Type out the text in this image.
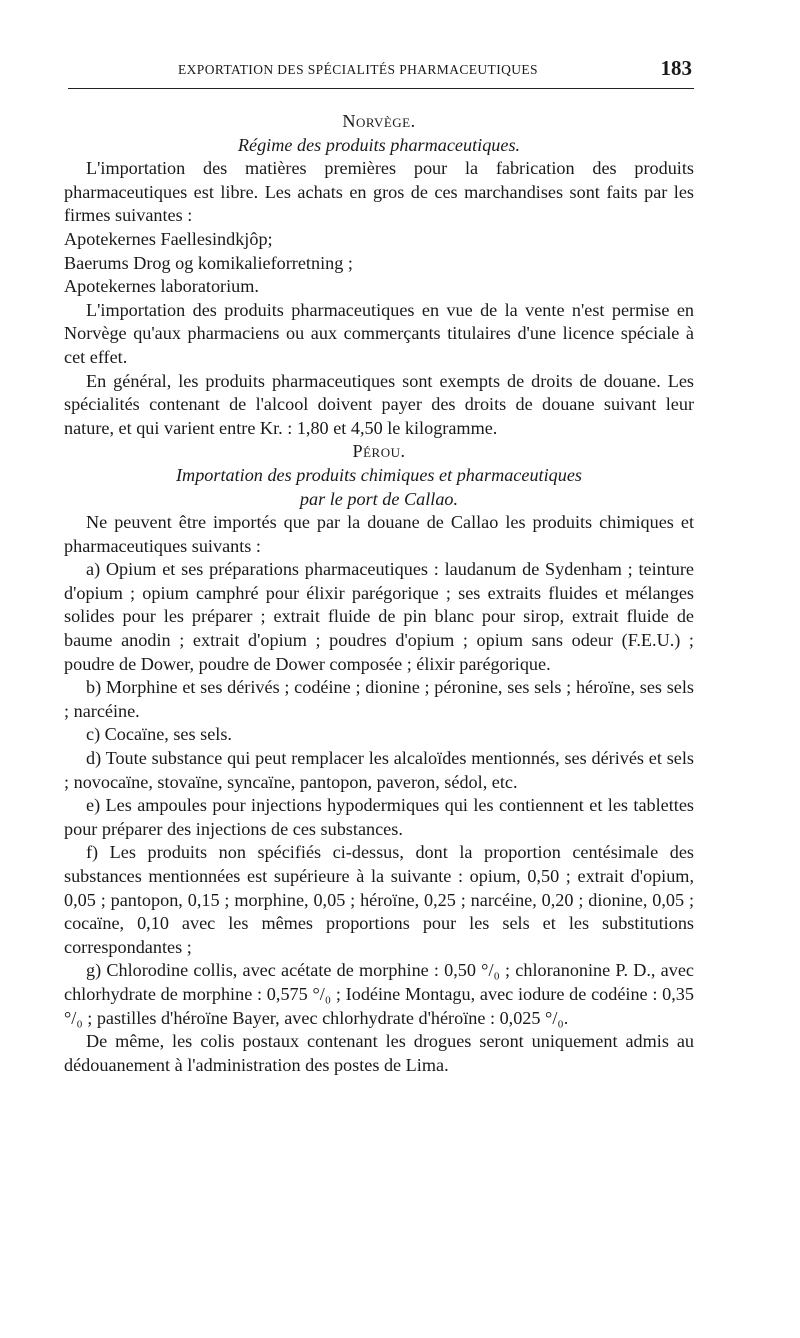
EXPORTATION DES SPÉCIALITÉS PHARMACEUTIQUES	183

Norvège.

Régime des produits pharmaceutiques.

L'importation des matières premières pour la fabrication des produits pharmaceutiques est libre. Les achats en gros de ces marchandises sont faits par les firmes suivantes :

Apotekernes Faellesindkjôp;

Baerums Drog og komikalieforretning ;

Apotekernes laboratorium.

L'importation des produits pharmaceutiques en vue de la vente n'est permise en Norvège qu'aux pharmaciens ou aux commerçants titulaires d'une licence spéciale à cet effet.

En général, les produits pharmaceutiques sont exempts de droits de douane. Les spécialités contenant de l'alcool doivent payer des droits de douane suivant leur nature, et qui varient entre Kr. : 1,80 et 4,50 le kilogramme.

Pérou.

Importation des produits chimiques et pharmaceutiques

par le port de Callao.

Ne peuvent être importés que par la douane de Callao les produits chimiques et pharmaceutiques suivants :

a) Opium et ses préparations pharmaceutiques : laudanum de Sydenham ; teinture d'opium ; opium camphré pour élixir parégorique ; ses extraits fluides et mélanges solides pour les préparer ; extrait fluide de pin blanc pour sirop, extrait fluide de baume anodin ; extrait d'opium ; poudres d'opium ; opium sans odeur (F.E.U.) ; poudre de Dower, poudre de Dower composée ; élixir parégorique.

b) Morphine et ses dérivés ; codéine ; dionine ; péronine, ses sels ; héroïne, ses sels ; narcéine.

c) Cocaïne, ses sels.

d) Toute substance qui peut remplacer les alcaloïdes mentionnés, ses dérivés et sels ; novocaïne, stovaïne, syncaïne, pantopon, paveron, sédol, etc.

e) Les ampoules pour injections hypodermiques qui les contiennent et les tablettes pour préparer des injections de ces substances.

f) Les produits non spécifiés ci-dessus, dont la proportion centésimale des substances mentionnées est supérieure à la suivante : opium, 0,50 ; extrait d'opium, 0,05 ; pantopon, 0,15 ; morphine, 0,05 ; héroïne, 0,25 ; narcéine, 0,20 ; dionine, 0,05 ; cocaïne, 0,10 avec les mêmes proportions pour les sels et les substitutions correspondantes ;

g) Chlorodine collis, avec acétate de morphine : 0,50 °/₀ ; chloranonine P. D., avec chlorhydrate de morphine : 0,575 °/₀ ; Iodéine Montagu, avec iodure de codéine : 0,35 °/₀ ; pastilles d'héroïne Bayer, avec chlorhydrate d'héroïne : 0,025 °/₀.

De même, les colis postaux contenant les drogues seront uniquement admis au dédouanement à l'administration des postes de Lima.
